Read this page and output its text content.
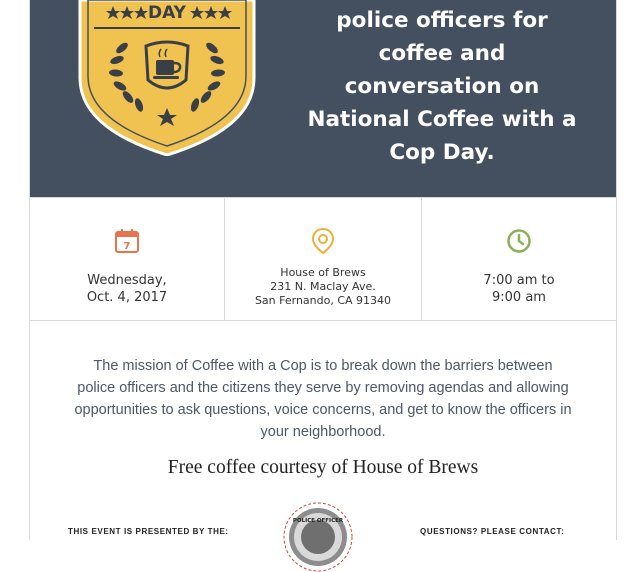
DAY	police officers for coffee and conversation on National Coffee with a Cop Day.

7
Wednesday,
Oct. 4, 2017
House of Brews
231 N. Maclay Ave.
San Fernando, CA 91340
7:00 am to
9:00 am

The mission of Coffee with a Cop is to break down the barriers between police officers and the citizens they serve by removing agendas and allowing opportunities to ask questions, voice concerns, and get to know the officers in your neighborhood.

Free coffee courtesy of House of Brews

THIS EVENT IS PRESENTED BY THE:

POLICE OFFICER

QUESTIONS? PLEASE CONTACT:
